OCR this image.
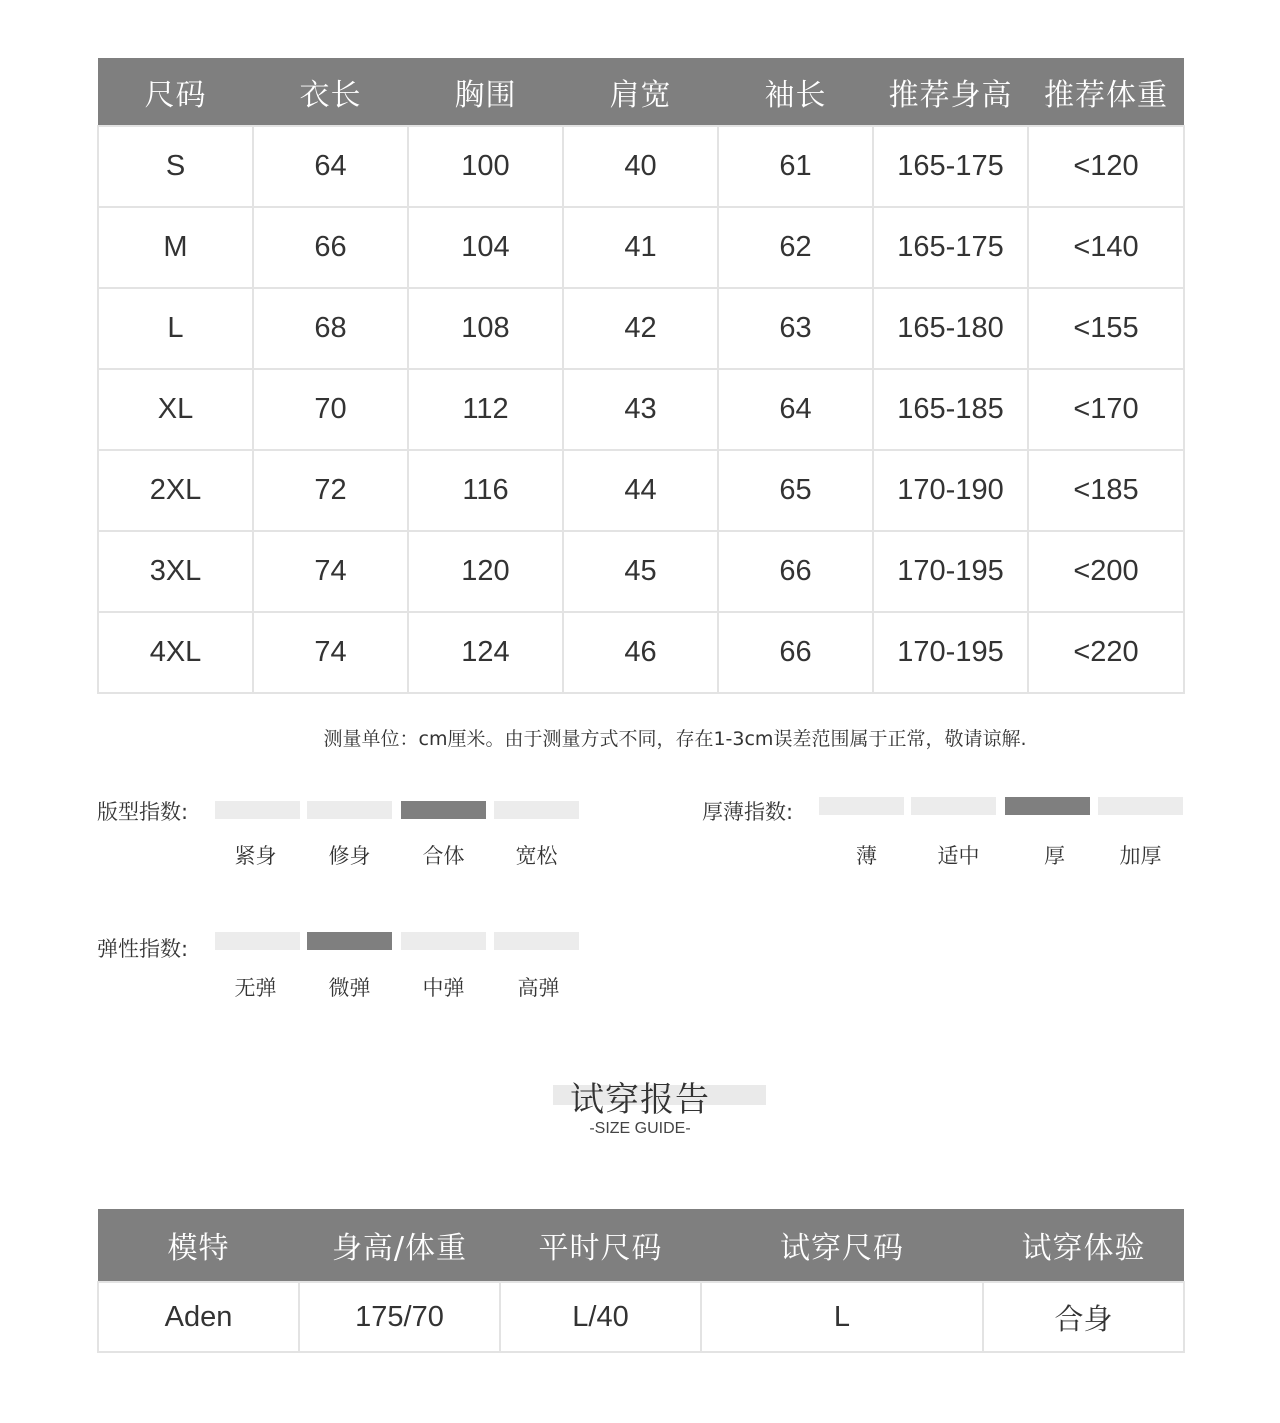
尺码	衣长	胸围	肩宽	袖长	推荐身高	推荐体重
S	64	100	40	61	165-175	<120
M	66	104	41	62	165-175	<140
L	68	108	42	63	165-180	<155
XL	70	112	43	64	165-185	<170
2XL	72	116	44	65	170-190	<185
3XL	74	120	45	66	170-195	<200
4XL	74	124	46	66	170-195	<220
测量单位：cm厘米。由于测量方式不同，存在1-3cm误差范围属于正常，敬请谅解.
版型指数:
紧身	修身	合体	宽松
厚薄指数:
薄	适中	厚	加厚
弹性指数:
无弹	微弹	中弹	高弹
试穿报告
-SIZE GUIDE-
模特	身高/体重	平时尺码	试穿尺码	试穿体验
Aden	175/70	L/40	L	合身
